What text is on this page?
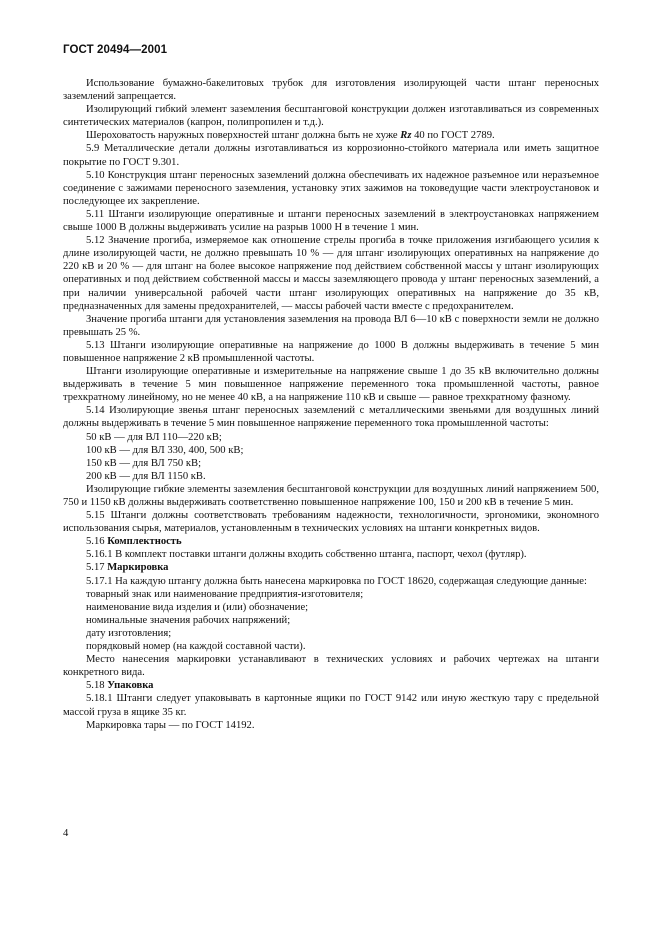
ГОСТ 20494—2001

Использование бумажно-бакелитовых трубок для изготовления изолирующей части штанг переносных заземлений запрещается.

Изолирующий гибкий элемент заземления бесштанговой конструкции должен изготавливаться из современных синтетических материалов (капрон, полипропилен и т.д.).

Шероховатость наружных поверхностей штанг должна быть не хуже Rz 40 по ГОСТ 2789.

5.9 Металлические детали должны изготавливаться из коррозионно-стойкого материала или иметь защитное покрытие по ГОСТ 9.301.

5.10 Конструкция штанг переносных заземлений должна обеспечивать их надежное разъемное или неразъемное соединение с зажимами переносного заземления, установку этих зажимов на токоведущие части электроустановок и последующее их закрепление.

5.11 Штанги изолирующие оперативные и штанги переносных заземлений в электроустановках напряжением свыше 1000 В должны выдерживать усилие на разрыв 1000 Н в течение 1 мин.

5.12 Значение прогиба, измеряемое как отношение стрелы прогиба в точке приложения изгибающего усилия к длине изолирующей части, не должно превышать 10 % — для штанг изолирующих оперативных на напряжение до 220 кВ и 20 % — для штанг на более высокое напряжение под действием собственной массы у штанг изолирующих оперативных и под действием собственной массы и массы заземляющего провода у штанг переносных заземлений, а при наличии универсальной рабочей части штанг изолирующих оперативных на напряжение до 35 кВ, предназначенных для замены предохранителей, — массы рабочей части вместе с предохранителем.

Значение прогиба штанги для установления заземления на провода ВЛ 6—10 кВ с поверхности земли не должно превышать 25 %.

5.13 Штанги изолирующие оперативные на напряжение до 1000 В должны выдерживать в течение 5 мин повышенное напряжение 2 кВ промышленной частоты.

Штанги изолирующие оперативные и измерительные на напряжение свыше 1 до 35 кВ включительно должны выдерживать в течение 5 мин повышенное напряжение переменного тока промышленной частоты, равное трехкратному линейному, но не менее 40 кВ, а на напряжение 110 кВ и свыше — равное трехкратному фазному.

5.14 Изолирующие звенья штанг переносных заземлений с металлическими звеньями для воздушных линий должны выдерживать в течение 5 мин повышенное напряжение переменного тока промышленной частоты:

50 кВ — для ВЛ 110—220 кВ;

100 кВ — для ВЛ 330, 400, 500 кВ;

150 кВ — для ВЛ 750 кВ;

200 кВ — для ВЛ 1150 кВ.

Изолирующие гибкие элементы заземления бесштанговой конструкции для воздушных линий напряжением 500, 750 и 1150 кВ должны выдерживать соответственно повышенное напряжение 100, 150 и 200 кВ в течение 5 мин.

5.15 Штанги должны соответствовать требованиям надежности, технологичности, эргономики, экономного использования сырья, материалов, установленным в технических условиях на штанги конкретных видов.

5.16 Комплектность

5.16.1 В комплект поставки штанги должны входить собственно штанга, паспорт, чехол (футляр).

5.17 Маркировка

5.17.1 На каждую штангу должна быть нанесена маркировка по ГОСТ 18620, содержащая следующие данные:

товарный знак или наименование предприятия-изготовителя;

наименование вида изделия и (или) обозначение;

номинальные значения рабочих напряжений;

дату изготовления;

порядковый номер (на каждой составной части).

Место нанесения маркировки устанавливают в технических условиях и рабочих чертежах на штанги конкретного вида.

5.18 Упаковка

5.18.1 Штанги следует упаковывать в картонные ящики по ГОСТ 9142 или иную жесткую тару с предельной массой груза в ящике 35 кг.

Маркировка тары — по ГОСТ 14192.

4
